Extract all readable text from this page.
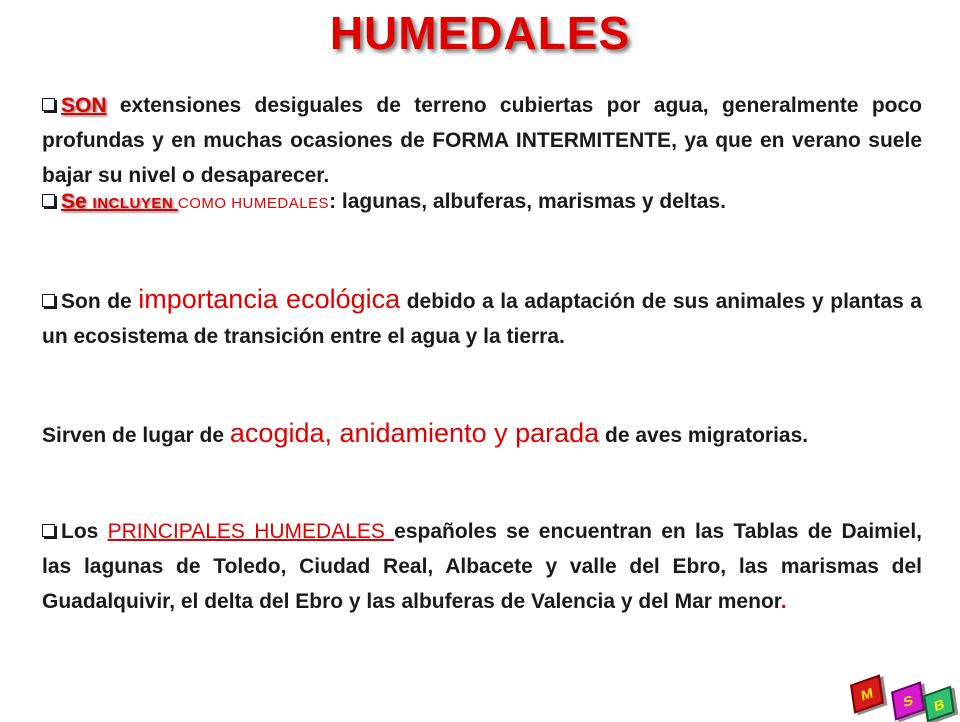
HUMEDALES
SON extensiones desiguales de terreno cubiertas por agua, generalmente poco profundas y en muchas ocasiones de FORMA INTERMITENTE, ya que en verano suele bajar su nivel o desaparecer.
Se INCLUYEN COMO HUMEDALES: lagunas, albuferas, marismas y deltas.
Son de importancia ecológica debido a la adaptación de sus animales y plantas a un ecosistema de transición entre el agua y la tierra.
Sirven de lugar de acogida, anidamiento y parada de aves migratorias.
Los PRINCIPALES HUMEDALES españoles se encuentran en las Tablas de Daimiel, las lagunas de Toledo, Ciudad Real, Albacete y valle del Ebro, las marismas del Guadalquivir, el delta del Ebro y las albuferas de Valencia y del Mar menor.
M	S	B
